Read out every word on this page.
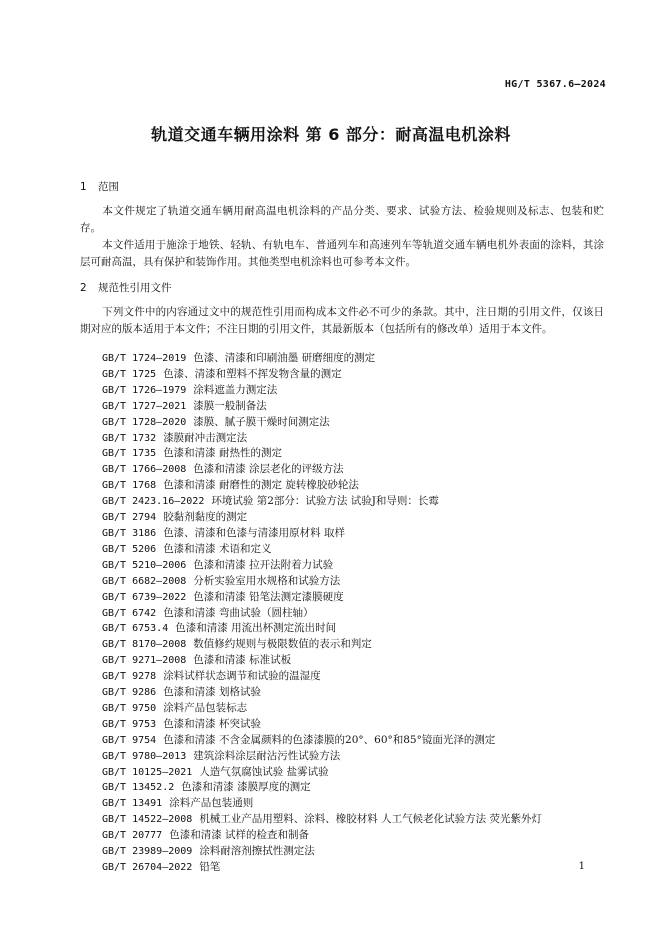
HG/T 5367.6—2024
轨道交通车辆用涂料 第 6 部分：耐高温电机涂料
1 范围
本文件规定了轨道交通车辆用耐高温电机涂料的产品分类、要求、试验方法、检验规则及标志、包装和贮存。
本文件适用于施涂于地铁、轻轨、有轨电车、普通列车和高速列车等轨道交通车辆电机外表面的涂料，其涂层可耐高温，具有保护和装饰作用。其他类型电机涂料也可参考本文件。
2 规范性引用文件
下列文件中的内容通过文中的规范性引用而构成本文件必不可少的条款。其中，注日期的引用文件，仅该日期对应的版本适用于本文件；不注日期的引用文件，其最新版本（包括所有的修改单）适用于本文件。
GB/T 1724—2019 色漆、清漆和印刷油墨 研磨细度的测定
GB/T 1725 色漆、清漆和塑料不挥发物含量的测定
GB/T 1726—1979 涂料遮盖力测定法
GB/T 1727—2021 漆膜一般制备法
GB/T 1728—2020 漆膜、腻子膜干燥时间测定法
GB/T 1732 漆膜耐冲击测定法
GB/T 1735 色漆和清漆 耐热性的测定
GB/T 1766—2008 色漆和清漆 涂层老化的评级方法
GB/T 1768 色漆和清漆 耐磨性的测定 旋转橡胶砂轮法
GB/T 2423.16—2022 环境试验 第2部分：试验方法 试验J和导则：长霉
GB/T 2794 胶黏剂黏度的测定
GB/T 3186 色漆、清漆和色漆与清漆用原材料 取样
GB/T 5206 色漆和清漆 术语和定义
GB/T 5210—2006 色漆和清漆 拉开法附着力试验
GB/T 6682—2008 分析实验室用水规格和试验方法
GB/T 6739—2022 色漆和清漆 铅笔法测定漆膜硬度
GB/T 6742 色漆和清漆 弯曲试验（圆柱轴）
GB/T 6753.4 色漆和清漆 用流出杯测定流出时间
GB/T 8170—2008 数值修约规则与极限数值的表示和判定
GB/T 9271—2008 色漆和清漆 标准试板
GB/T 9278 涂料试样状态调节和试验的温湿度
GB/T 9286 色漆和清漆 划格试验
GB/T 9750 涂料产品包装标志
GB/T 9753 色漆和清漆 杯突试验
GB/T 9754 色漆和清漆 不含金属颜料的色漆漆膜的20°、60°和85°镜面光泽的测定
GB/T 9780—2013 建筑涂料涂层耐沾污性试验方法
GB/T 10125—2021 人造气氛腐蚀试验 盐雾试验
GB/T 13452.2 色漆和清漆 漆膜厚度的测定
GB/T 13491 涂料产品包装通则
GB/T 14522—2008 机械工业产品用塑料、涂料、橡胶材料 人工气候老化试验方法 荧光紫外灯
GB/T 20777 色漆和清漆 试样的检查和制备
GB/T 23989—2009 涂料耐溶剂擦拭性测定法
GB/T 26704—2022 铅笔	1
